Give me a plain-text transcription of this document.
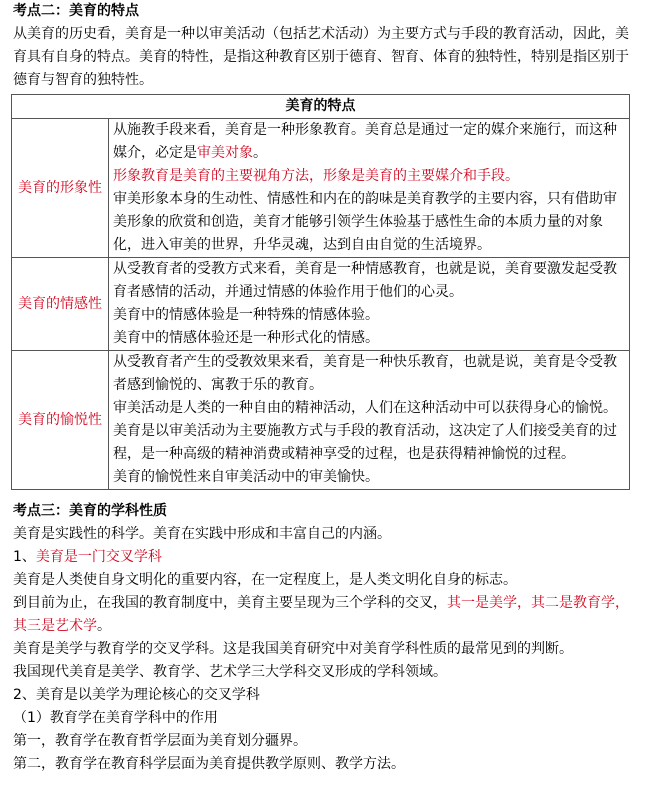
考点二：美育的特点

从美育的历史看，美育是一种以审美活动（包括艺术活动）为主要方式与手段的教育活动，因此，美育具有自身的特点。美育的特性，是指这种教育区别于德育、智育、体育的独特性，特别是指区别于德育与智育的独特性。

美育的特点	
美育的形象性	从施教手段来看，美育是一种形象教育。美育总是通过一定的媒介来施行，而这种媒介，必定是审美对象。
形象教育是美育的主要视角方法，形象是美育的主要媒介和手段。
审美形象本身的生动性、情感性和内在的韵味是美育教学的主要内容，只有借助审美形象的欣赏和创造，美育才能够引领学生体验基于感性生命的本质力量的对象化，进入审美的世界，升华灵魂，达到自由自觉的生活境界。

美育的情感性	从受教育者的受教方式来看，美育是一种情感教育，也就是说，美育要激发起受教育者感情的活动，并通过情感的体验作用于他们的心灵。
美育中的情感体验是一种特殊的情感体验。
美育中的情感体验还是一种形式化的情感。

美育的愉悦性	从受教育者产生的受教效果来看，美育是一种快乐教育，也就是说，美育是令受教者感到愉悦的、寓教于乐的教育。
审美活动是人类的一种自由的精神活动，人们在这种活动中可以获得身心的愉悦。美育是以审美活动为主要施教方式与手段的教育活动，这决定了人们接受美育的过程，是一种高级的精神消费或精神享受的过程，也是获得精神愉悦的过程。
美育的愉悦性来自审美活动中的审美愉快。
考点三：美育的学科性质

美育是实践性的科学。美育在实践中形成和丰富自己的内涵。

1、美育是一门交叉学科

美育是人类使自身文明化的重要内容，在一定程度上，是人类文明化自身的标志。

到目前为止，在我国的教育制度中，美育主要呈现为三个学科的交叉，其一是美学，其二是教育学，其三是艺术学。

美育是美学与教育学的交叉学科。这是我国美育研究中对美育学科性质的最常见到的判断。

我国现代美育是美学、教育学、艺术学三大学科交叉形成的学科领域。

2、美育是以美学为理论核心的交叉学科

（1）教育学在美育学科中的作用

第一，教育学在教育哲学层面为美育划分疆界。

第二，教育学在教育科学层面为美育提供教学原则、教学方法。
